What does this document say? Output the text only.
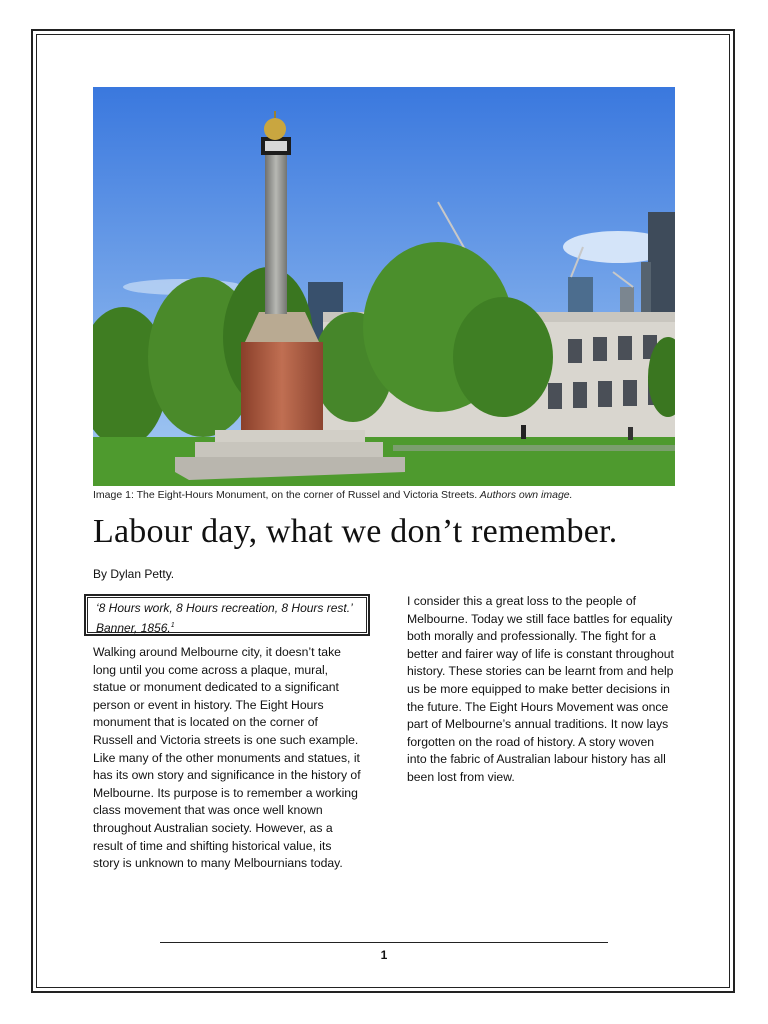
Image 1: The Eight-Hours Monument, on the corner of Russel and Victoria Streets. Authors own image.
Labour day, what we don’t remember.
By Dylan Petty.
‘8 Hours work, 8 Hours recreation, 8 Hours rest.’ Banner, 1856.$^1$

Walking around Melbourne city, it doesn’t take long until you come across a plaque, mural, statue or monument dedicated to a significant person or event in history. The Eight Hours monument that is located on the corner of Russell and Victoria streets is one such example. Like many of the other monuments and statues, it has its own story and significance in the history of Melbourne. Its purpose is to remember a working class movement that was once well known throughout Australian society. However, as a result of time and shifting historical value, its story is unknown to many Melbournians today.

I consider this a great loss to the people of Melbourne. Today we still face battles for equality both morally and professionally. The fight for a better and fairer way of life is constant throughout history. These stories can be learnt from and help us be more equipped to make better decisions in the future. The Eight Hours Movement was once part of Melbourne’s annual traditions. It now lays forgotten on the road of history. A story woven into the fabric of Australian labour history has all been lost from view.

1
